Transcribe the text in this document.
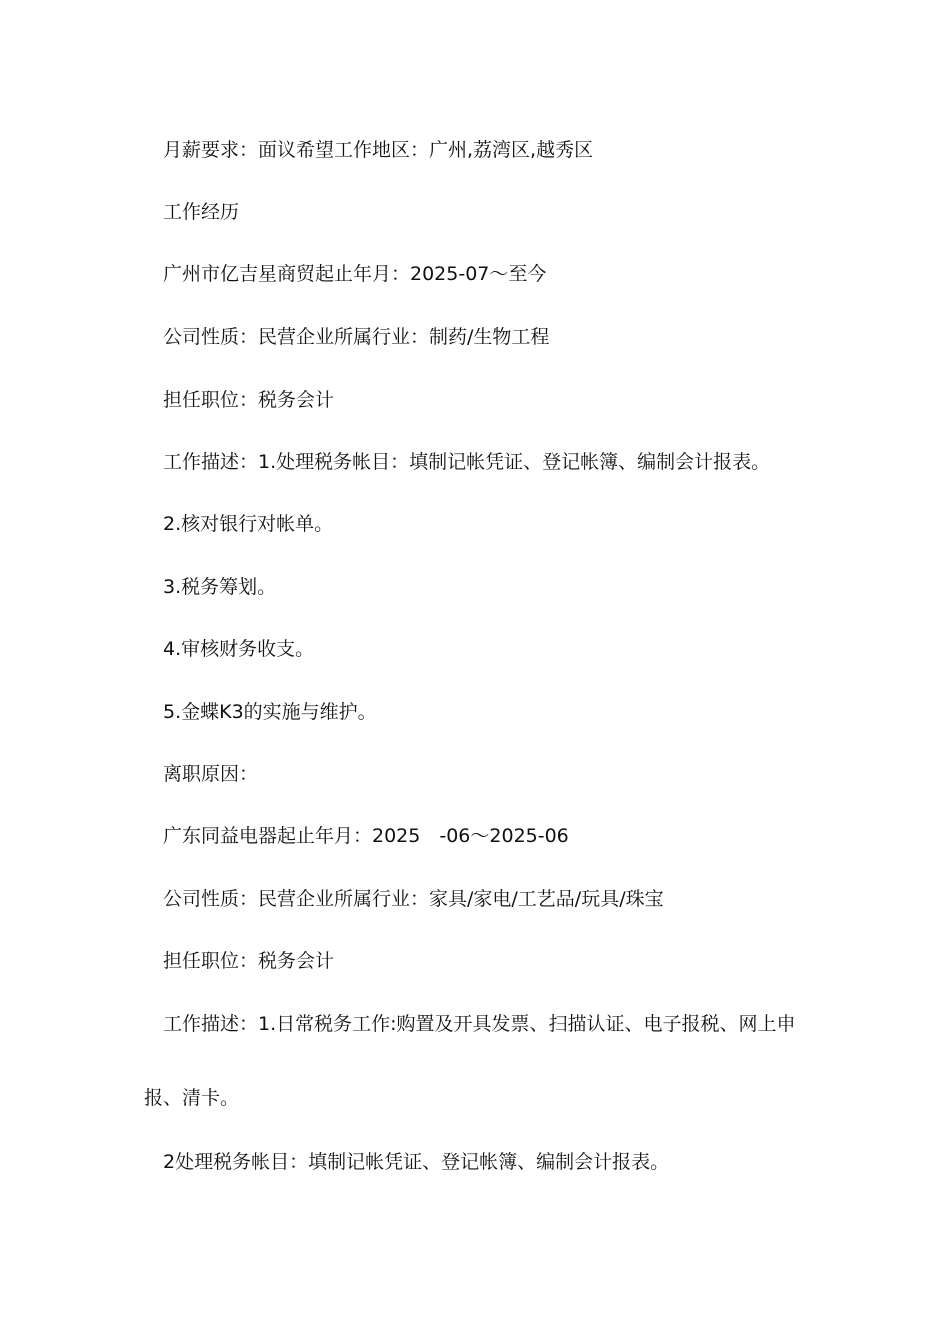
月薪要求：面议希望工作地区：广州,荔湾区,越秀区
工作经历
广州市亿吉星商贸起止年月：2025-07～至今
公司性质：民营企业所属行业：制药/生物工程
担任职位：税务会计
工作描述：1.处理税务帐目：填制记帐凭证、登记帐簿、编制会计报表。
2.核对银行对帐单。
3.税务筹划。
4.审核财务收支。
5.金蝶K3的实施与维护。
离职原因：
广东同益电器起止年月：2025　-06～2025-06
公司性质：民营企业所属行业：家具/家电/工艺品/玩具/珠宝
担任职位：税务会计
工作描述：1.日常税务工作:购置及开具发票、扫描认证、电子报税、网上申
报、清卡。
2处理税务帐目：填制记帐凭证、登记帐簿、编制会计报表。
